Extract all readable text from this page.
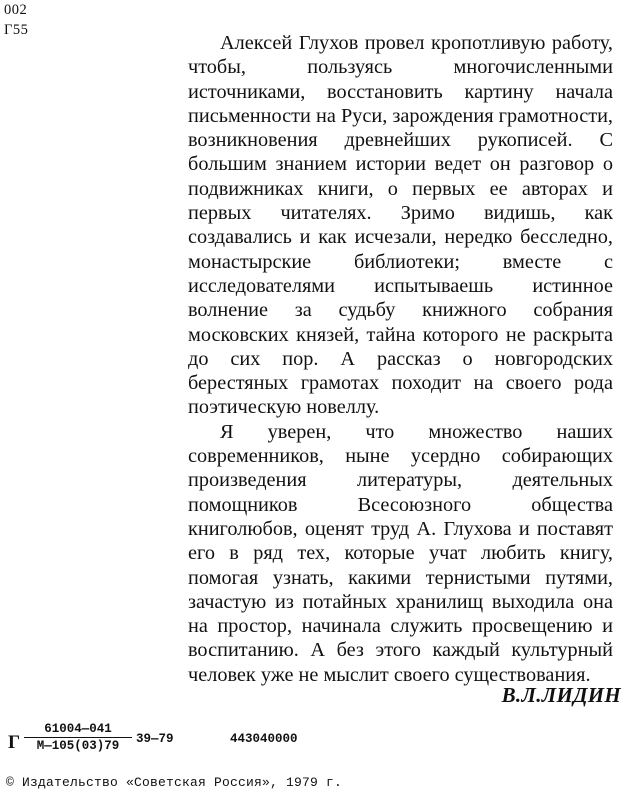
002
Г55

Алексей Глухов провел кропотливую работу, чтобы, пользуясь многочисленными источниками, восстановить картину начала письменности на Руси, зарождения грамотности, возникновения древнейших рукописей. С большим знанием истории ведет он разговор о подвижниках книги, о первых ее авторах и первых читателях. Зримо видишь, как создавались и как исчезали, нередко бесследно, монастырские библиотеки; вместе с исследователями испытываешь истинное волнение за судьбу книжного собрания московских князей, тайна которого не раскрыта до сих пор. А рассказ о новгородских берестяных грамотах походит на своего рода поэтическую новеллу.

Я уверен, что множество наших современников, ныне усердно собирающих произведения литературы, деятельных помощников Всесоюзного общества книголюбов, оценят труд А. Глухова и поставят его в ряд тех, которые учат любить книгу, помогая узнать, какими тернистыми путями, зачастую из потайных хранилищ выходила она на простор, начинала служить просвещению и воспитанию. А без этого каждый культурный человек уже не мыслит своего существования.

В.Л.ЛИДИН
Г
61004—041
М—105(03)79	39—79	443040000
© Издательство «Советская Россия», 1979 г.
